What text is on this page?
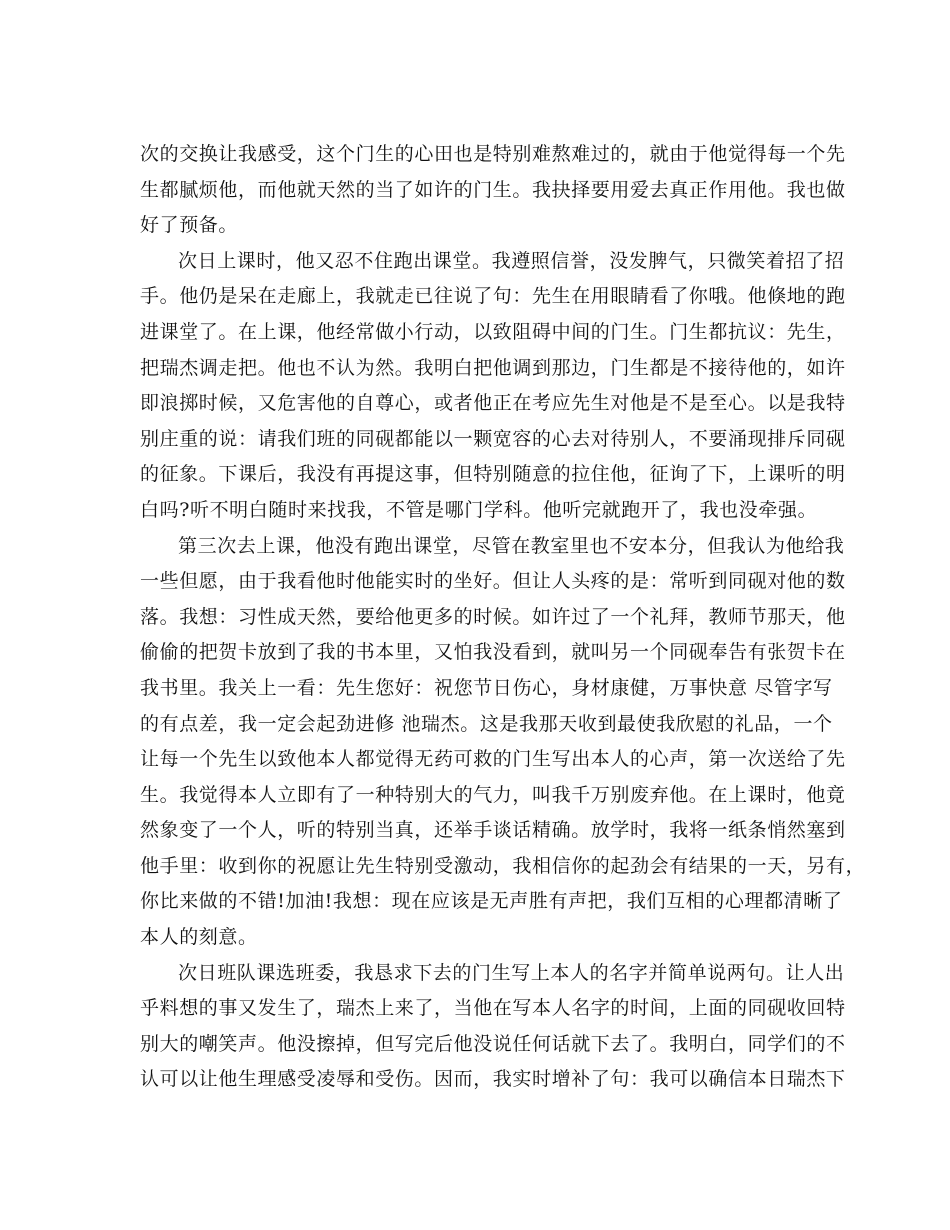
次的交换让我感受，这个门生的心田也是特别难熬难过的，就由于他觉得每一个先
生都腻烦他，而他就天然的当了如许的门生。我抉择要用爱去真正作用他。我也做
好了预备。
次日上课时，他又忍不住跑出课堂。我遵照信誉，没发脾气，只微笑着招了招
手。他仍是呆在走廊上，我就走已往说了句：先生在用眼睛看了你哦。他倏地的跑
进课堂了。在上课，他经常做小行动，以致阻碍中间的门生。门生都抗议：先生，
把瑞杰调走把。他也不认为然。我明白把他调到那边，门生都是不接待他的，如许
即浪掷时候，又危害他的自尊心，或者他正在考应先生对他是不是至心。以是我特
别庄重的说：请我们班的同砚都能以一颗宽容的心去对待别人，不要涌现排斥同砚
的征象。下课后，我没有再提这事，但特别随意的拉住他，征询了下，上课听的明
白吗?听不明白随时来找我，不管是哪门学科。他听完就跑开了，我也没牵强。
第三次去上课，他没有跑出课堂，尽管在教室里也不安本分，但我认为他给我
一些但愿，由于我看他时他能实时的坐好。但让人头疼的是：常听到同砚对他的数
落。我想：习性成天然，要给他更多的时候。如许过了一个礼拜，教师节那天，他
偷偷的把贺卡放到了我的书本里，又怕我没看到，就叫另一个同砚奉告有张贺卡在
我书里。我关上一看：先生您好：祝您节日伤心，身材康健，万事快意 尽管字写
的有点差，我一定会起劲进修 池瑞杰。这是我那天收到最使我欣慰的礼品，一个
让每一个先生以致他本人都觉得无药可救的门生写出本人的心声，第一次送给了先
生。我觉得本人立即有了一种特别大的气力，叫我千万别废弃他。在上课时，他竟
然象变了一个人，听的特别当真，还举手谈话精确。放学时，我将一纸条悄然塞到
他手里：收到你的祝愿让先生特别受激动，我相信你的起劲会有结果的一天，另有，
你比来做的不错!加油!我想：现在应该是无声胜有声把，我们互相的心理都清晰了
本人的刻意。
次日班队课选班委，我恳求下去的门生写上本人的名字并简单说两句。让人出
乎料想的事又发生了，瑞杰上来了，当他在写本人名字的时间，上面的同砚收回特
别大的嘲笑声。他没擦掉，但写完后他没说任何话就下去了。我明白，同学们的不
认可以让他生理感受凌辱和受伤。因而，我实时增补了句：我可以确信本日瑞杰下
